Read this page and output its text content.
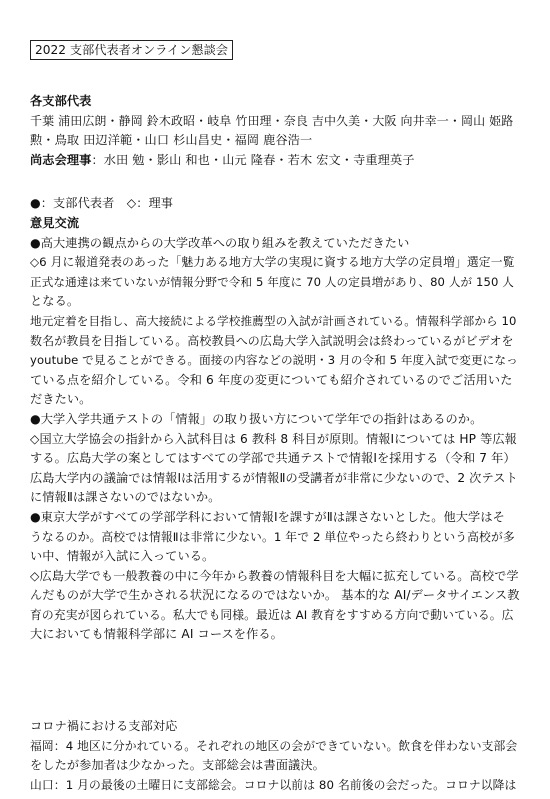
2022 支部代表者オンライン懇談会
各支部代表
千葉 浦田広朗・静岡 鈴木政昭・岐阜 竹田理・奈良 吉中久美・大阪 向井幸一・岡山 姫路
勲・鳥取 田辺洋範・山口 杉山昌史・福岡 鹿谷浩一
尚志会理事：水田 勉・影山 和也・山元 隆春・若木 宏文・寺重理英子
●：支部代表者　◇：理事
意見交流
●高大連携の観点からの大学改革への取り組みを教えていただきたい
◇6 月に報道発表のあった「魅力ある地方大学の実現に資する地方大学の定員増」選定一覧
正式な通達は来ていないが情報分野で令和 5 年度に 70 人の定員増があり、80 人が 150 人
となる。
地元定着を目指し、高大接続による学校推薦型の入試が計画されている。情報科学部から 10
数名が教員を目指している。高校教員への広島大学入試説明会は終わっているがビデオを
youtube で見ることができる。面接の内容などの説明・3 月の令和 5 年度入試で変更になっ
ている点を紹介している。令和 6 年度の変更についても紹介されているのでご活用いた
だきたい。
●大学入学共通テストの「情報」の取り扱い方について学年での指針はあるのか。
◇国立大学協会の指針から入試科目は 6 教科 8 科目が原則。情報Ⅰについては HP 等広報
する。広島大学の案としてはすべての学部で共通テストで情報Ⅰを採用する（令和 7 年）
広島大学内の議論では情報Ⅰは活用するが情報Ⅱの受講者が非常に少ないので、2 次テスト
に情報Ⅱは課さないのではないか。
●東京大学がすべての学部学科において情報Ⅰを課すがⅡは課さないとした。他大学はそ
うなるのか。高校では情報Ⅱは非常に少ない。1 年で 2 単位やったら終わりという高校が多
い中、情報が入試に入っている。
◇広島大学でも一般教養の中に今年から教養の情報科目を大幅に拡充している。高校で学
んだものが大学で生かされる状況になるのではないか。 基本的な AI/データサイエンス教
育の充実が図られている。私大でも同様。最近は AI 教育をすすめる方向で動いている。広
大においても情報科学部に AI コースを作る。
コロナ禍における支部対応
福岡：4 地区に分かれている。それぞれの地区の会ができていない。飲食を伴わない支部会
をしたが参加者は少なかった。支部総会は書面議決。
山口：1 月の最後の土曜日に支部総会。コロナ以前は 80 名前後の会だった。コロナ以降は
